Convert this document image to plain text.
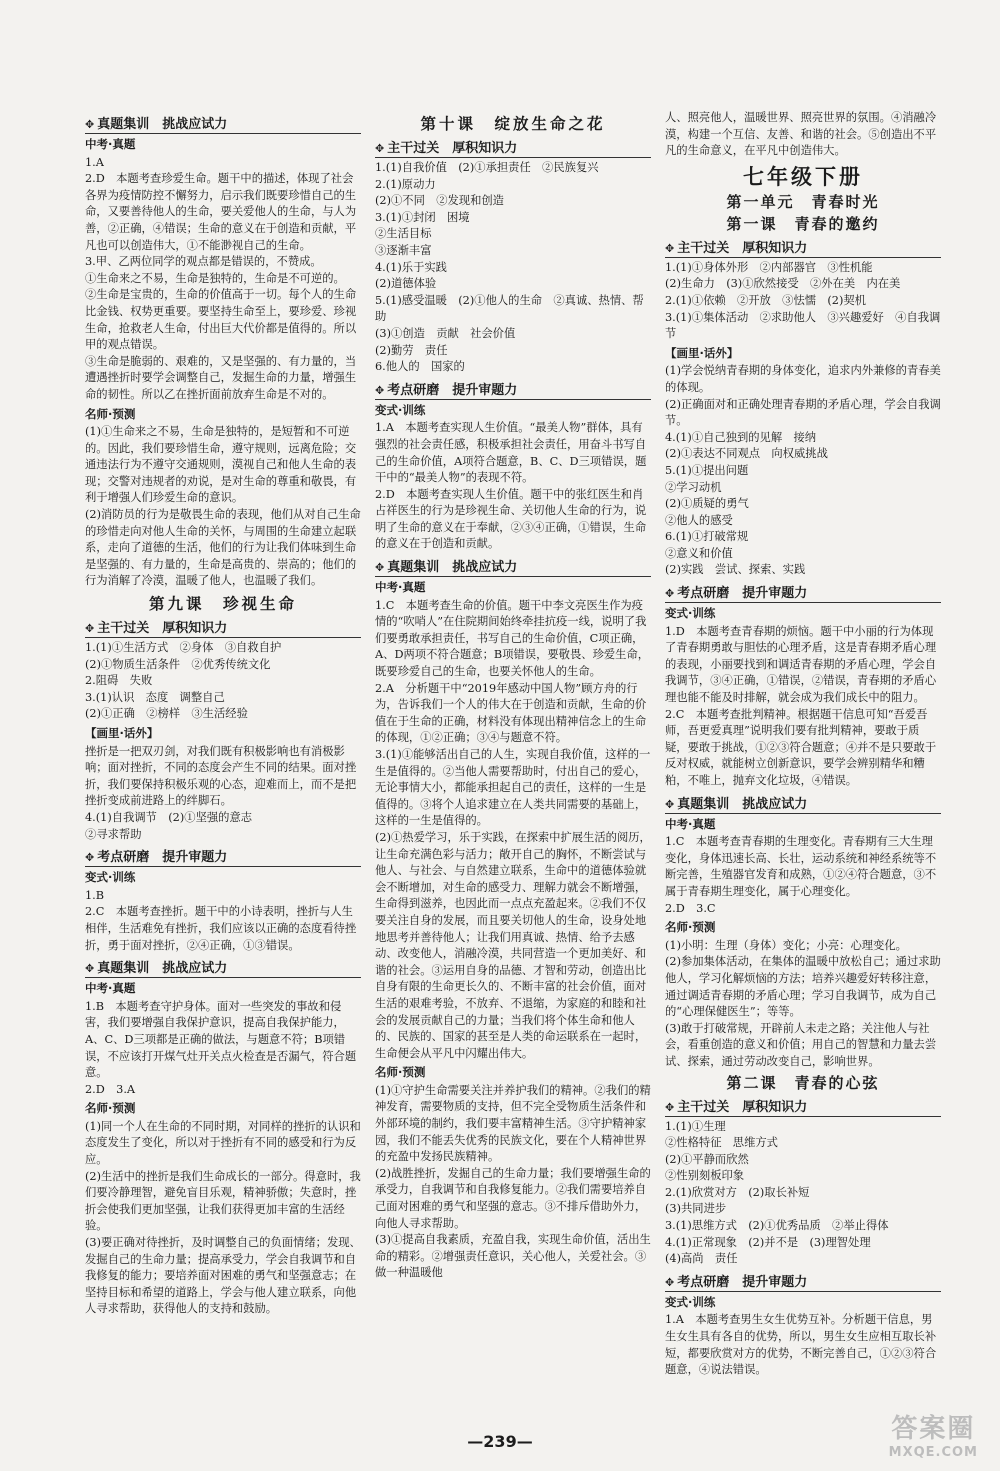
✥ 真题集训　挑战应试力
中考·真题

1.A

2.D　本题考查珍爱生命。题干中的描述，体现了社会各界为疫情防控不懈努力，启示我们既要珍惜自己的生命，又要善待他人的生命，要关爱他人的生命，与人为善，②正确，④错误；生命的意义在于创造和贡献，平凡也可以创造伟大，①不能渺视自己的生命。

3.甲、乙两位同学的观点都是错误的，不赞成。

①生命来之不易，生命是独特的，生命是不可逆的。

②生命是宝贵的，生命的价值高于一切。每个人的生命比金钱、权势更重要。要坚持生命至上，要珍爱、珍视生命，抢救老人生命，付出巨大代价都是值得的。所以甲的观点错误。

③生命是脆弱的、艰难的，又是坚强的、有力量的，当遭遇挫折时要学会调整自己，发掘生命的力量，增强生命的韧性。所以乙在挫折面前放弃生命是不对的。

名师·预测

(1)①生命来之不易，生命是独特的，是短暂和不可逆的。因此，我们要珍惜生命，遵守规则，远离危险；交通违法行为不遵守交通规则，漠视自己和他人生命的表现；交警对违规者的劝说，是对生命的尊重和敬畏，有利于增强人们珍爱生命的意识。

(2)消防员的行为是敬畏生命的表现，他们从对自己生命的珍惜走向对他人生命的关怀，与周围的生命建立起联系，走向了道德的生活，他们的行为让我们体味到生命是坚强的、有力量的，生命是高贵的、崇高的；他们的行为消解了冷漠，温暖了他人，也温暖了我们。

第九课　珍视生命
✥ 主干过关　厚积知识力

1.(1)①生活方式　②身体　③自救自护

(2)①物质生活条件　②优秀传统文化

2.阻碍　失败

3.(1)认识　态度　调整自己

(2)①正确　②榜样　③生活经验

【画里·话外】

挫折是一把双刃剑，对我们既有积极影响也有消极影响；面对挫折，不同的态度会产生不同的结果。面对挫折，我们要保持积极乐观的心态，迎难而上，而不是把挫折变成前进路上的绊脚石。

4.(1)自我调节　(2)①坚强的意志

②寻求帮助

✥ 考点研磨　提升审题力
变式·训练

1.B

2.C　本题考查挫折。题干中的小诗表明，挫折与人生相伴，生活难免有挫折，我们应该以正确的态度看待挫折，勇于面对挫折，②④正确，①③错误。

✥ 真题集训　挑战应试力
中考·真题

1.B　本题考查守护身体。面对一些突发的事故和侵害，我们要增强自我保护意识，提高自我保护能力，A、C、D三项都是正确的做法，与题意不符；B项错误，不应该打开煤气灶开关点火检查是否漏气，符合题意。

2.D　3.A

名师·预测

(1)同一个人在生命的不同时期，对同样的挫折的认识和态度发生了变化，所以对于挫折有不同的感受和行为反应。

(2)生活中的挫折是我们生命成长的一部分。得意时，我们要冷静理智，避免盲目乐观，精神骄傲；失意时，挫折会使我们更加坚强，让我们获得更加丰富的生活经验。

(3)要正确对待挫折，及时调整自己的负面情绪；发现、发掘自己的生命力量；提高承受力，学会自我调节和自我修复的能力；要培养面对困难的勇气和坚强意志；在坚持目标和希望的道路上，学会与他人建立联系，向他人寻求帮助，获得他人的支持和鼓励。

第十课　绽放生命之花
✥ 主干过关　厚积知识力

1.(1)自我价值　(2)①承担责任　②民族复兴

2.(1)原动力

(2)①不同　②发现和创造

3.(1)①封闭　困境

②生活目标

③逐渐丰富

4.(1)乐于实践

(2)道德体验

5.(1)感受温暖　(2)①他人的生命　②真诚、热情、帮助

(3)①创造　贡献　社会价值

(2)勤劳　责任

6.他人的　国家的

✥ 考点研磨　提升审题力
变式·训练

1.A　本题考查实现人生价值。“最美人物”群体，具有强烈的社会责任感，积极承担社会责任，用奋斗书写自己的生命价值，A项符合题意，B、C、D三项错误，题干中的“最美人物”的表现不符。

2.D　本题考查实现人生价值。题干中的张红医生和肖占祥医生的行为是珍视生命、关切他人生命的行为，说明了生命的意义在于奉献，②③④正确，①错误，生命的意义在于创造和贡献。

✥ 真题集训　挑战应试力
中考·真题

1.C　本题考查生命的价值。题干中李文亮医生作为疫情的“吹哨人”在住院期间始终牵挂抗疫一线，说明了我们要勇敢承担责任，书写自己的生命价值，C项正确，A、D两项不符合题意；B项错误，要敬畏、珍爱生命，既要珍爱自己的生命，也要关怀他人的生命。

2.A　分析题干中“2019年感动中国人物”顾方舟的行为，告诉我们一个人的伟大在于创造和贡献，生命的价值在于生命的正确，材料没有体现出精神信念上的生命的体现，①②正确；③④与题意不符。

3.(1)①能够活出自己的人生，实现自我价值，这样的一生是值得的。②当他人需要帮助时，付出自己的爱心，无论事情大小，都能承担起自己的责任，这样的一生是值得的。③将个人追求建立在人类共同需要的基础上，这样的一生是值得的。

(2)①热爱学习，乐于实践，在探索中扩展生活的阅历，让生命充满色彩与活力；敞开自己的胸怀，不断尝试与他人、与社会、与自然建立联系，生命中的道德体验就会不断增加，对生命的感受力、理解力就会不断增强，生命得到滋养，也因此而一点点充盈起来。②我们不仅要关注自身的发展，而且要关切他人的生命，设身处地地思考并善待他人；让我们用真诚、热情、给予去感动、改变他人，消融冷漠，共同营造一个更加美好、和谐的社会。③运用自身的品德、才智和劳动，创造出比自身有限的生命更长久的、不断丰富的社会价值，面对生活的艰难考验，不放弃、不退缩，为家庭的和睦和社会的发展贡献自己的力量；当我们将个体生命和他人的、民族的、国家的甚至是人类的命运联系在一起时，生命便会从平凡中闪耀出伟大。

名师·预测

(1)①守护生命需要关注并养护我们的精神。②我们的精神发育，需要物质的支持，但不完全受物质生活条件和外部环境的制约，我们要丰富精神生活。③守护精神家园，我们不能丢失优秀的民族文化，要在个人精神世界的充盈中发扬民族精神。

(2)战胜挫折，发掘自己的生命力量；我们要增强生命的承受力，自我调节和自我修复能力。②我们需要培养自己面对困难的勇气和坚强的意志。③不排斥借助外力，向他人寻求帮助。

(3)①提高自我素质，充盈自我，实现生命价值，活出生命的精彩。②增强责任意识，关心他人，关爱社会。③做一种温暖他

人、照亮他人，温暖世界、照亮世界的氛围。④消融冷漠，构建一个互信、友善、和谐的社会。⑤创造出不平凡的生命意义，在平凡中创造伟大。

七年级下册
第一单元　青春时光
第一课　青春的邀约
✥ 主干过关　厚积知识力

1.(1)①身体外形　②内部器官　③性机能

(2)生命力　(3)①欣然接受　②外在美　内在美

2.(1)①依赖　②开放　③怯懦　(2)契机

3.(1)①集体活动　②求助他人　③兴趣爱好　④自我调节

【画里·话外】

(1)学会悦纳青春期的身体变化，追求内外兼修的青春美的体现。

(2)正确面对和正确处理青春期的矛盾心理，学会自我调节。

4.(1)①自己独到的见解　接纳

(2)①表达不同观点　向权威挑战

5.(1)①提出问题

②学习动机

(2)①质疑的勇气

②他人的感受

6.(1)①打破常规

②意义和价值

(2)实践　尝试、探索、实践

✥ 考点研磨　提升审题力
变式·训练

1.D　本题考查青春期的烦恼。题干中小丽的行为体现了青春期勇敢与胆怯的心理矛盾，这是青春期矛盾心理的表现，小丽要找到和调适青春期的矛盾心理，学会自我调节，③④正确，①错误，②错误，青春期的矛盾心理也能不能及时排解，就会成为我们成长中的阻力。

2.C　本题考查批判精神。根据题干信息可知“吾爱吾师，吾更爱真理”说明我们要有批判精神，要敢于质疑，要敢于挑战，①②③符合题意；④并不是只要敢于反对权威，就能树立创新意识，要学会辨别精华和糟粕，不唯上，抛弃文化垃圾，④错误。

✥ 真题集训　挑战应试力
中考·真题

1.C　本题考查青春期的生理变化。青春期有三大生理变化，身体迅速长高、长壮，运动系统和神经系统等不断完善，生殖器官发育和成熟，①②④符合题意，③不属于青春期生理变化，属于心理变化。

2.D　3.C

名师·预测

(1)小明：生理（身体）变化；小亮：心理变化。

(2)参加集体活动，在集体的温暖中放松自己；通过求助他人，学习化解烦恼的方法；培养兴趣爱好转移注意，通过调适青春期的矛盾心理；学习自我调节，成为自己的“心理保健医生”；等等。

(3)敢于打破常规，开辟前人未走之路；关注他人与社会，看重创造的意义和价值；用自己的智慧和力量去尝试、探索，通过劳动改变自己，影响世界。

第二课　青春的心弦
✥ 主干过关　厚积知识力

1.(1)①生理

②性格特征　思维方式

(2)①平静而欣然

②性别刻板印象

2.(1)欣赏对方　(2)取长补短

(3)共同进步

3.(1)思维方式　(2)①优秀品质　②举止得体

4.(1)正常现象　(2)并不是　(3)理智处理

(4)高尚　责任

✥ 考点研磨　提升审题力
变式·训练

1.A　本题考查男生女生优势互补。分析题干信息，男生女生具有各自的优势，所以，男生女生应相互取长补短，都要欣赏对方的优势，不断完善自己，①②③符合题意，④说法错误。

—239—	答案圈
MXQE.COM
